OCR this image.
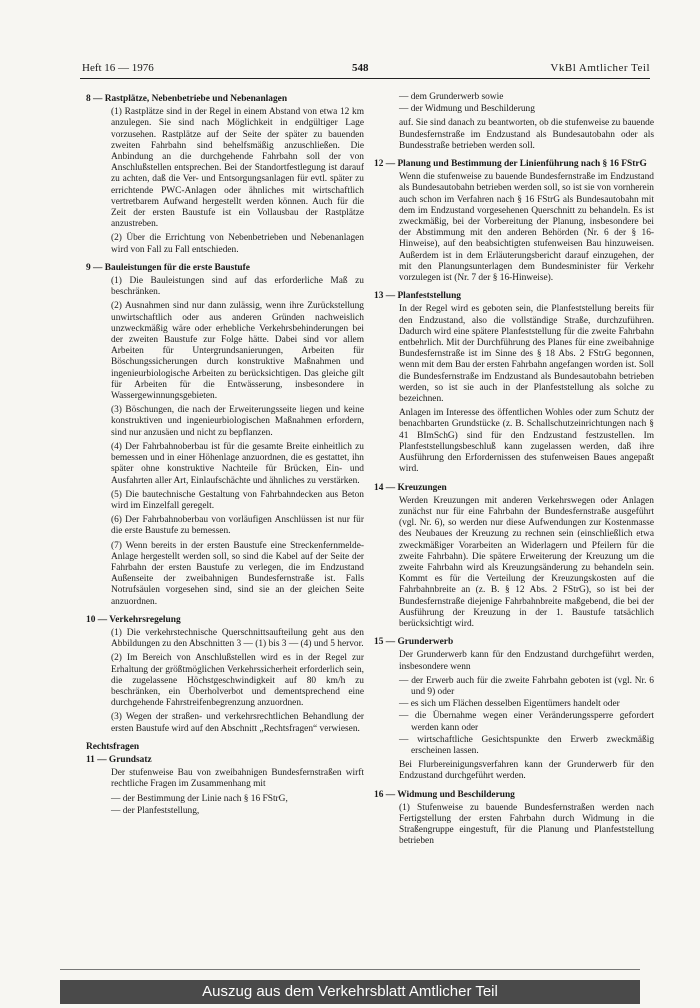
Heft 16 — 1976	548	VkBl Amtlicher Teil
8 — Rastplätze, Nebenbetriebe und Nebenanlagen

(1) Rastplätze sind in der Regel in einem Abstand von etwa 12 km anzulegen. Sie sind nach Möglichkeit in endgültiger Lage vorzusehen. Rastplätze auf der Seite der später zu bauenden zweiten Fahrbahn sind behelfsmäßig anzuschließen. Die Anbindung an die durchgehende Fahrbahn soll der von Anschlußstellen entsprechen. Bei der Standortfestlegung ist darauf zu achten, daß die Ver- und Entsorgungsanlagen für evtl. später zu errichtende PWC-Anlagen oder ähnliches mit wirtschaftlich vertretbarem Aufwand hergestellt werden können. Auch für die Zeit der ersten Baustufe ist ein Vollausbau der Rastplätze anzustreben.

(2) Über die Errichtung von Nebenbetrieben und Nebenanlagen wird von Fall zu Fall entschieden.

9 — Bauleistungen für die erste Baustufe

(1) Die Bauleistungen sind auf das erforderliche Maß zu beschränken.

(2) Ausnahmen sind nur dann zulässig, wenn ihre Zurückstellung unwirtschaftlich oder aus anderen Gründen nachweislich unzweckmäßig wäre oder erhebliche Verkehrsbehinderungen bei der zweiten Baustufe zur Folge hätte. Dabei sind vor allem Arbeiten für Untergrundsanierungen, Arbeiten für Böschungssicherungen durch konstruktive Maßnahmen und ingenieurbiologische Arbeiten zu berücksichtigen. Das gleiche gilt für Arbeiten für die Entwässerung, insbesondere in Wassergewinnungsgebieten.

(3) Böschungen, die nach der Erweiterungsseite liegen und keine konstruktiven und ingenieurbiologischen Maßnahmen erfordern, sind nur anzusäen und nicht zu bepflanzen.

(4) Der Fahrbahnoberbau ist für die gesamte Breite einheitlich zu bemessen und in einer Höhenlage anzuordnen, die es gestattet, ihn später ohne konstruktive Nachteile für Brücken, Ein- und Ausfahrten aller Art, Einlaufschächte und ähnliches zu verstärken.

(5) Die bautechnische Gestaltung von Fahrbahndecken aus Beton wird im Einzelfall geregelt.

(6) Der Fahrbahnoberbau von vorläufigen Anschlüssen ist nur für die erste Baustufe zu bemessen.

(7) Wenn bereits in der ersten Baustufe eine Streckenfernmelde-Anlage hergestellt werden soll, so sind die Kabel auf der Seite der Fahrbahn der ersten Baustufe zu verlegen, die im Endzustand Außenseite der zweibahnigen Bundesfernstraße ist. Falls Notrufsäulen vorgesehen sind, sind sie an der gleichen Seite anzuordnen.

10 — Verkehrsregelung

(1) Die verkehrstechnische Querschnittsaufteilung geht aus den Abbildungen zu den Abschnitten 3 — (1) bis 3 — (4) und 5 hervor.

(2) Im Bereich von Anschlußstellen wird es in der Regel zur Erhaltung der größtmöglichen Verkehrssicherheit erforderlich sein, die zugelassene Höchstgeschwindigkeit auf 80 km/h zu beschränken, ein Überholverbot und dementsprechend eine durchgehende Fahrstreifenbegrenzung anzuordnen.

(3) Wegen der straßen- und verkehrsrechtlichen Behandlung der ersten Baustufe wird auf den Abschnitt „Rechtsfragen“ verwiesen.

Rechtsfragen
11 — Grundsatz

Der stufenweise Bau von zweibahnigen Bundesfernstraßen wirft rechtliche Fragen im Zusammenhang mit

— der Bestimmung der Linie nach § 16 FStrG,
— der Planfeststellung,
— dem Grunderwerb sowie
— der Widmung und Beschilderung

auf. Sie sind danach zu beantworten, ob die stufenweise zu bauende Bundesfernstraße im Endzustand als Bundesautobahn oder als Bundesstraße betrieben werden soll.

12 — Planung und Bestimmung der Linienführung nach § 16 FStrG

Wenn die stufenweise zu bauende Bundesfernstraße im Endzustand als Bundesautobahn betrieben werden soll, so ist sie von vornherein auch schon im Verfahren nach § 16 FStrG als Bundesautobahn mit dem im Endzustand vorgesehenen Querschnitt zu behandeln. Es ist zweckmäßig, bei der Vorbereitung der Planung, insbesondere bei der Abstimmung mit den anderen Behörden (Nr. 6 der § 16-Hinweise), auf den beabsichtigten stufenweisen Bau hinzuweisen. Außerdem ist in dem Erläuterungsbericht darauf einzugehen, der mit den Planungsunterlagen dem Bundesminister für Verkehr vorzulegen ist (Nr. 7 der § 16-Hinweise).

13 — Planfeststellung

In der Regel wird es geboten sein, die Planfeststellung bereits für den Endzustand, also die vollständige Straße, durchzuführen. Dadurch wird eine spätere Planfeststellung für die zweite Fahrbahn entbehrlich. Mit der Durchführung des Planes für eine zweibahnige Bundesfernstraße ist im Sinne des § 18 Abs. 2 FStrG begonnen, wenn mit dem Bau der ersten Fahrbahn angefangen worden ist. Soll die Bundesfernstraße im Endzustand als Bundesautobahn betrieben werden, so ist sie auch in der Planfeststellung als solche zu bezeichnen.

Anlagen im Interesse des öffentlichen Wohles oder zum Schutz der benachbarten Grundstücke (z. B. Schallschutzeinrichtungen nach § 41 BImSchG) sind für den Endzustand festzustellen. Im Planfeststellungsbeschluß kann zugelassen werden, daß ihre Ausführung den Erfordernissen des stufenweisen Baues angepaßt wird.

14 — Kreuzungen

Werden Kreuzungen mit anderen Verkehrswegen oder Anlagen zunächst nur für eine Fahrbahn der Bundesfernstraße ausgeführt (vgl. Nr. 6), so werden nur diese Aufwendungen zur Kostenmasse des Neubaues der Kreuzung zu rechnen sein (einschließlich etwa zweckmäßiger Vorarbeiten an Widerlagern und Pfeilern für die zweite Fahrbahn). Die spätere Erweiterung der Kreuzung um die zweite Fahrbahn wird als Kreuzungsänderung zu behandeln sein. Kommt es für die Verteilung der Kreuzungskosten auf die Fahrbahnbreite an (z. B. § 12 Abs. 2 FStrG), so ist bei der Bundesfernstraße diejenige Fahrbahnbreite maßgebend, die bei der Ausführung der Kreuzung in der 1. Baustufe tatsächlich berücksichtigt wird.

15 — Grunderwerb

Der Grunderwerb kann für den Endzustand durchgeführt werden, insbesondere wenn

— der Erwerb auch für die zweite Fahrbahn geboten ist (vgl. Nr. 6 und 9) oder
— es sich um Flächen desselben Eigentümers handelt oder
— die Übernahme wegen einer Veränderungssperre gefordert werden kann oder
— wirtschaftliche Gesichtspunkte den Erwerb zweckmäßig erscheinen lassen.

Bei Flurbereinigungsverfahren kann der Grunderwerb für den Endzustand durchgeführt werden.

16 — Widmung und Beschilderung

(1) Stufenweise zu bauende Bundesfernstraßen werden nach Fertigstellung der ersten Fahrbahn durch Widmung in die Straßengruppe eingestuft, für die Planung und Planfeststellung betrieben

Auszug aus dem Verkehrsblatt Amtlicher Teil
